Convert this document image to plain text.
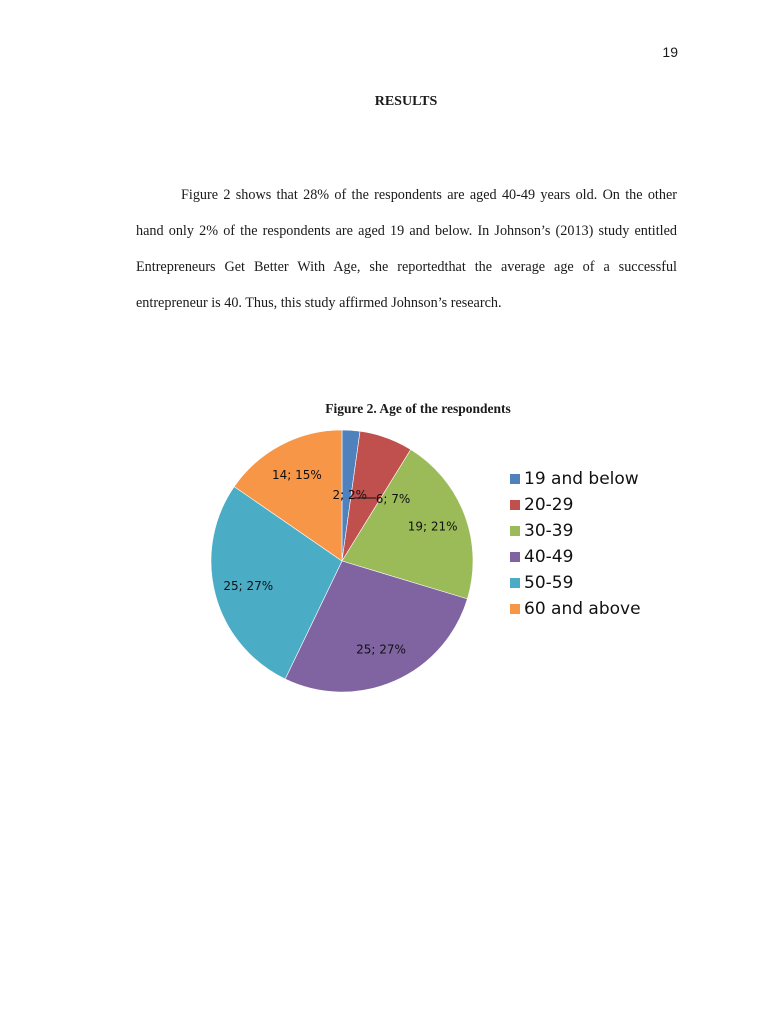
19
RESULTS

Figure 2 shows that 28% of the respondents are aged 40-49 years old. On the other hand only 2% of the respondents are aged 19 and below. In Johnson’s (2013) study entitled Entrepreneurs Get Better With Age, she reportedthat the average age of a successful entrepreneur is 40. Thus, this study affirmed Johnson’s research.

Figure 2. Age of the respondents
2; 2% 6; 7%
19; 21%
25; 27%
25; 27%
14; 15%	19 and below
20-29
30-39
40-49
50-59
60 and above
